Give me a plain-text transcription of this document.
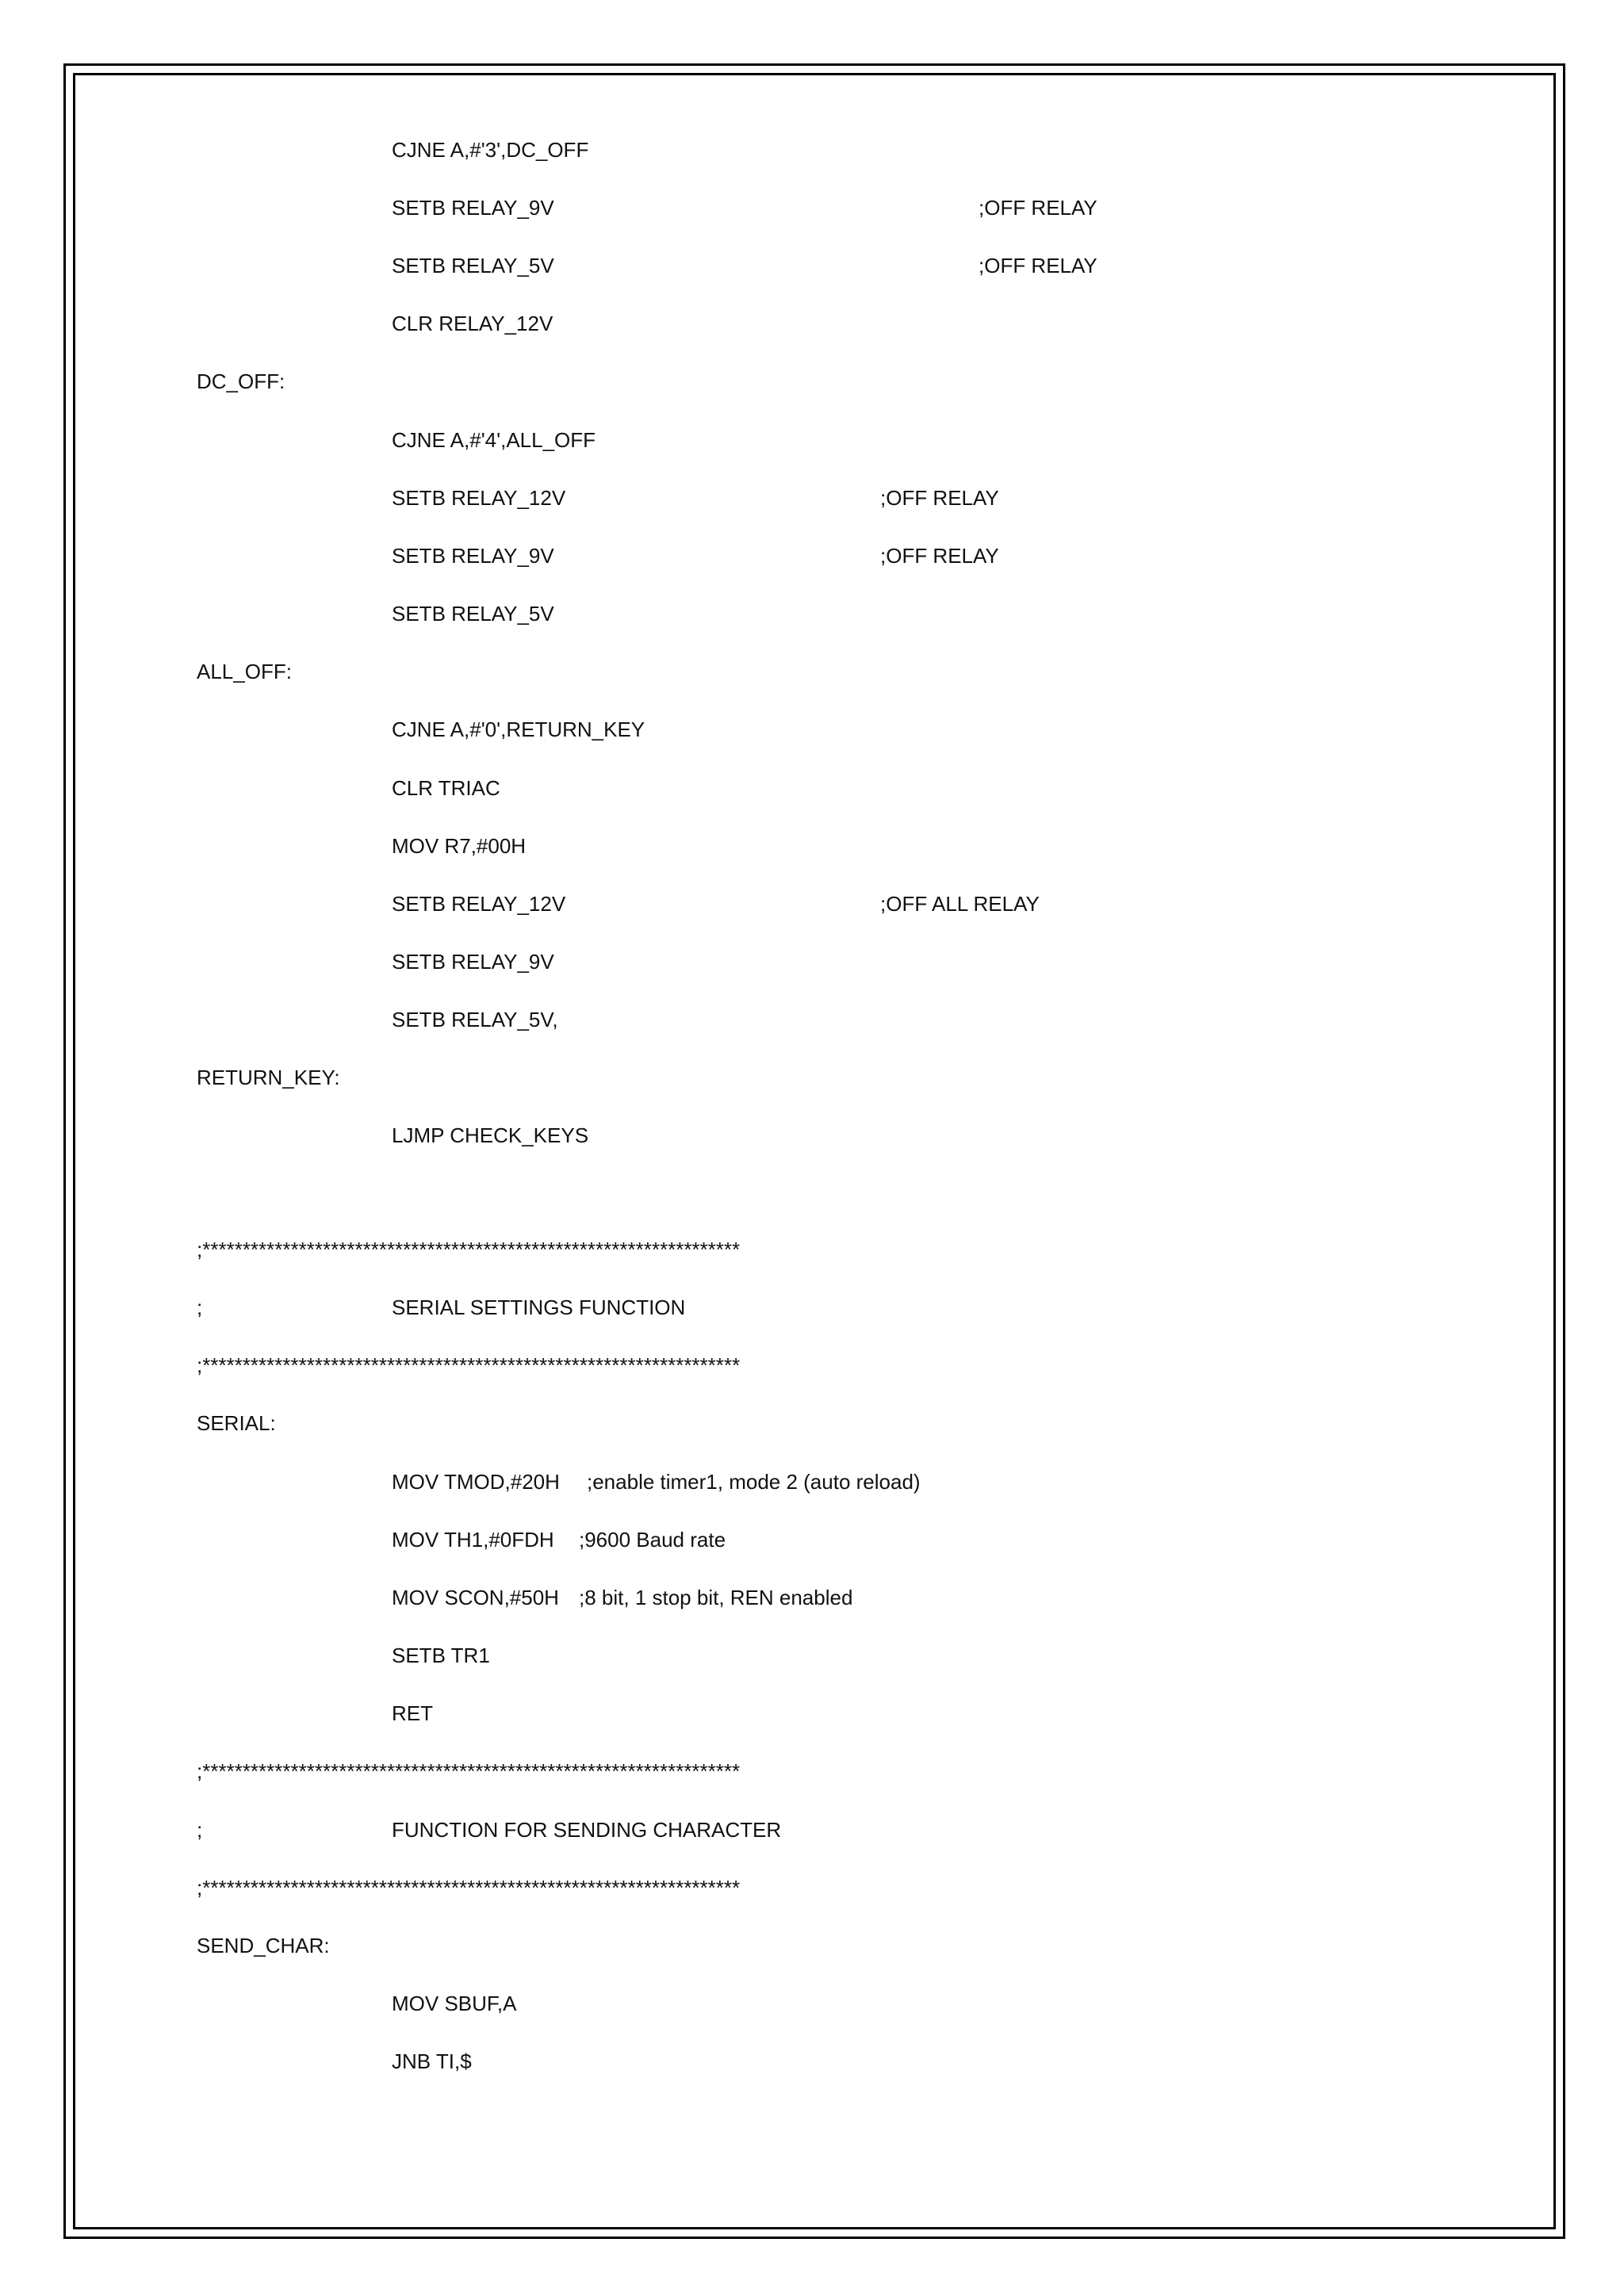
CJNE A,#'3',DC_OFF
SETB RELAY_9V	;OFF RELAY
SETB RELAY_5V	;OFF RELAY
CLR RELAY_12V
DC_OFF:
CJNE A,#'4',ALL_OFF
SETB RELAY_12V	;OFF RELAY
SETB RELAY_9V	;OFF RELAY
SETB RELAY_5V
ALL_OFF:
CJNE A,#'0',RETURN_KEY
CLR TRIAC
MOV R7,#00H
SETB RELAY_12V	;OFF ALL RELAY
SETB RELAY_9V
SETB RELAY_5V,
RETURN_KEY:
LJMP CHECK_KEYS
;*******************************************************************
;	SERIAL SETTINGS FUNCTION
;*******************************************************************
SERIAL:
MOV TMOD,#20H ;enable timer1, mode 2 (auto reload)
MOV TH1,#0FDH ;9600 Baud rate
MOV SCON,#50H ;8 bit, 1 stop bit, REN enabled
SETB TR1
RET
;*******************************************************************
;	FUNCTION FOR SENDING CHARACTER
;*******************************************************************
SEND_CHAR:
MOV SBUF,A
JNB TI,$
